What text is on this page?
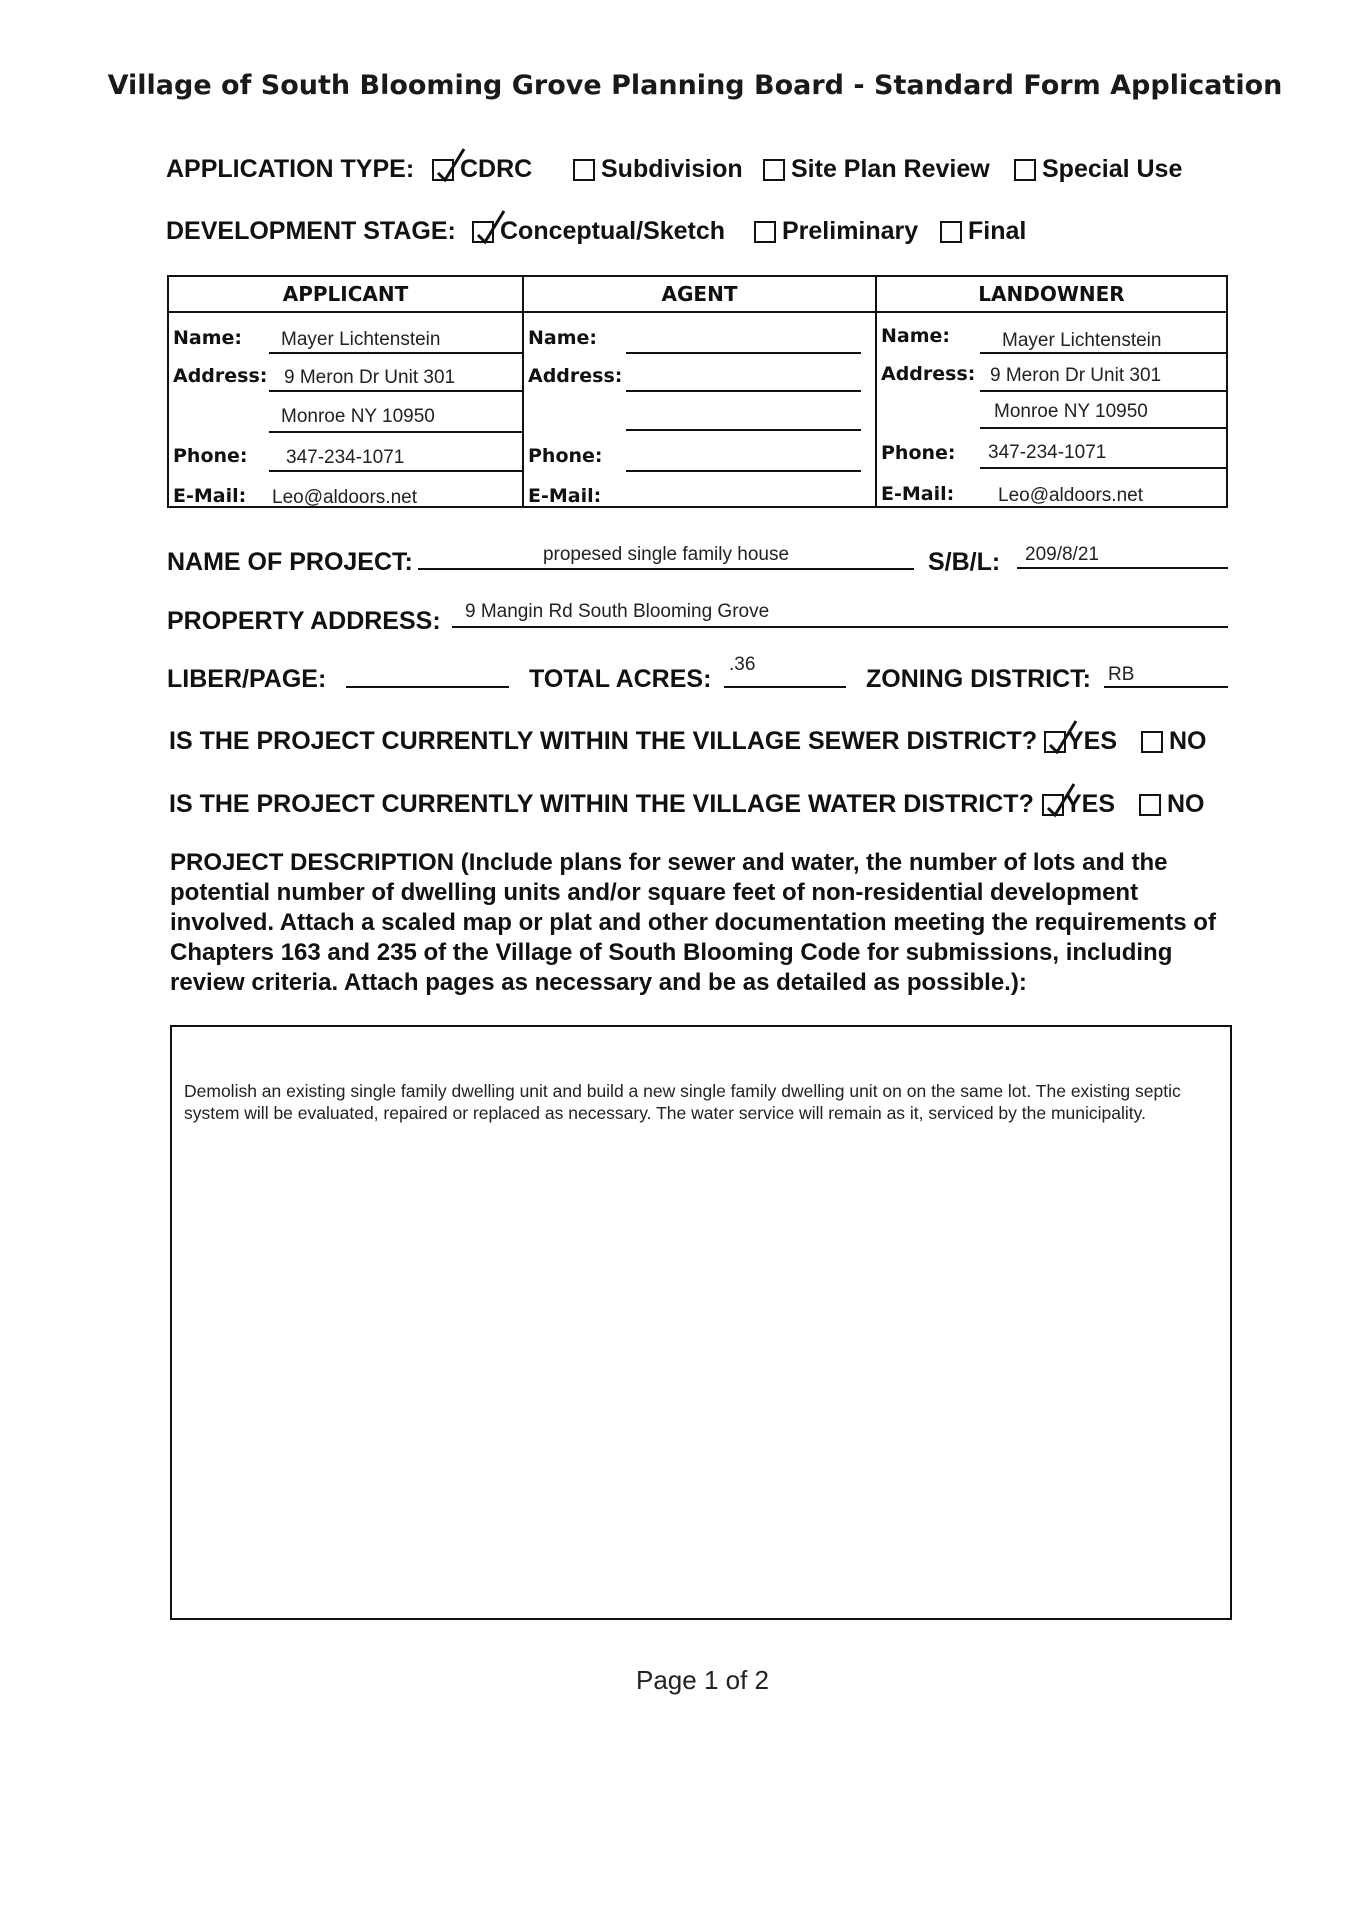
Village of South Blooming Grove Planning Board - Standard Form Application
APPLICATION TYPE: CDRC	Subdivision Site Plan Review Special Use
DEVELOPMENT STAGE: Conceptual/Sketch Preliminary Final
APPLICANT
Name: Mayer Lichtenstein
Address: 9 Meron Dr Unit 301
Monroe NY 10950
Phone: 347-234-1071
E-Mail: Leo@aldoors.net
AGENT
Name:
Address:
Phone:
E-Mail:
LANDOWNER
Name:	Mayer Lichtenstein
Address: 9 Meron Dr Unit 301
Monroe NY 10950
Phone: 347-234-1071
E-Mail: Leo@aldoors.net
NAME OF PROJECT:	propesed single family house	S/B/L: 209/8/21
PROPERTY ADDRESS: 9 Mangin Rd South Blooming Grove
LIBER/PAGE:	TOTAL ACRES:
.36
ZONING DISTRICT: RB
IS THE PROJECT CURRENTLY WITHIN THE VILLAGE SEWER DISTRICT? YES NO
IS THE PROJECT CURRENTLY WITHIN THE VILLAGE WATER DISTRICT? YES NO
PROJECT DESCRIPTION (Include plans for sewer and water, the number of lots and the potential number of dwelling units and/or square feet of non-residential development involved. Attach a scaled map or plat and other documentation meeting the requirements of Chapters 163 and 235 of the Village of South Blooming Code for submissions, including review criteria. Attach pages as necessary and be as detailed as possible.):
Demolish an existing single family dwelling unit and build a new single family dwelling unit on on the same lot. The existing septic system will be evaluated, repaired or replaced as necessary. The water service will remain as it, serviced by the municipality.
Page 1 of 2
